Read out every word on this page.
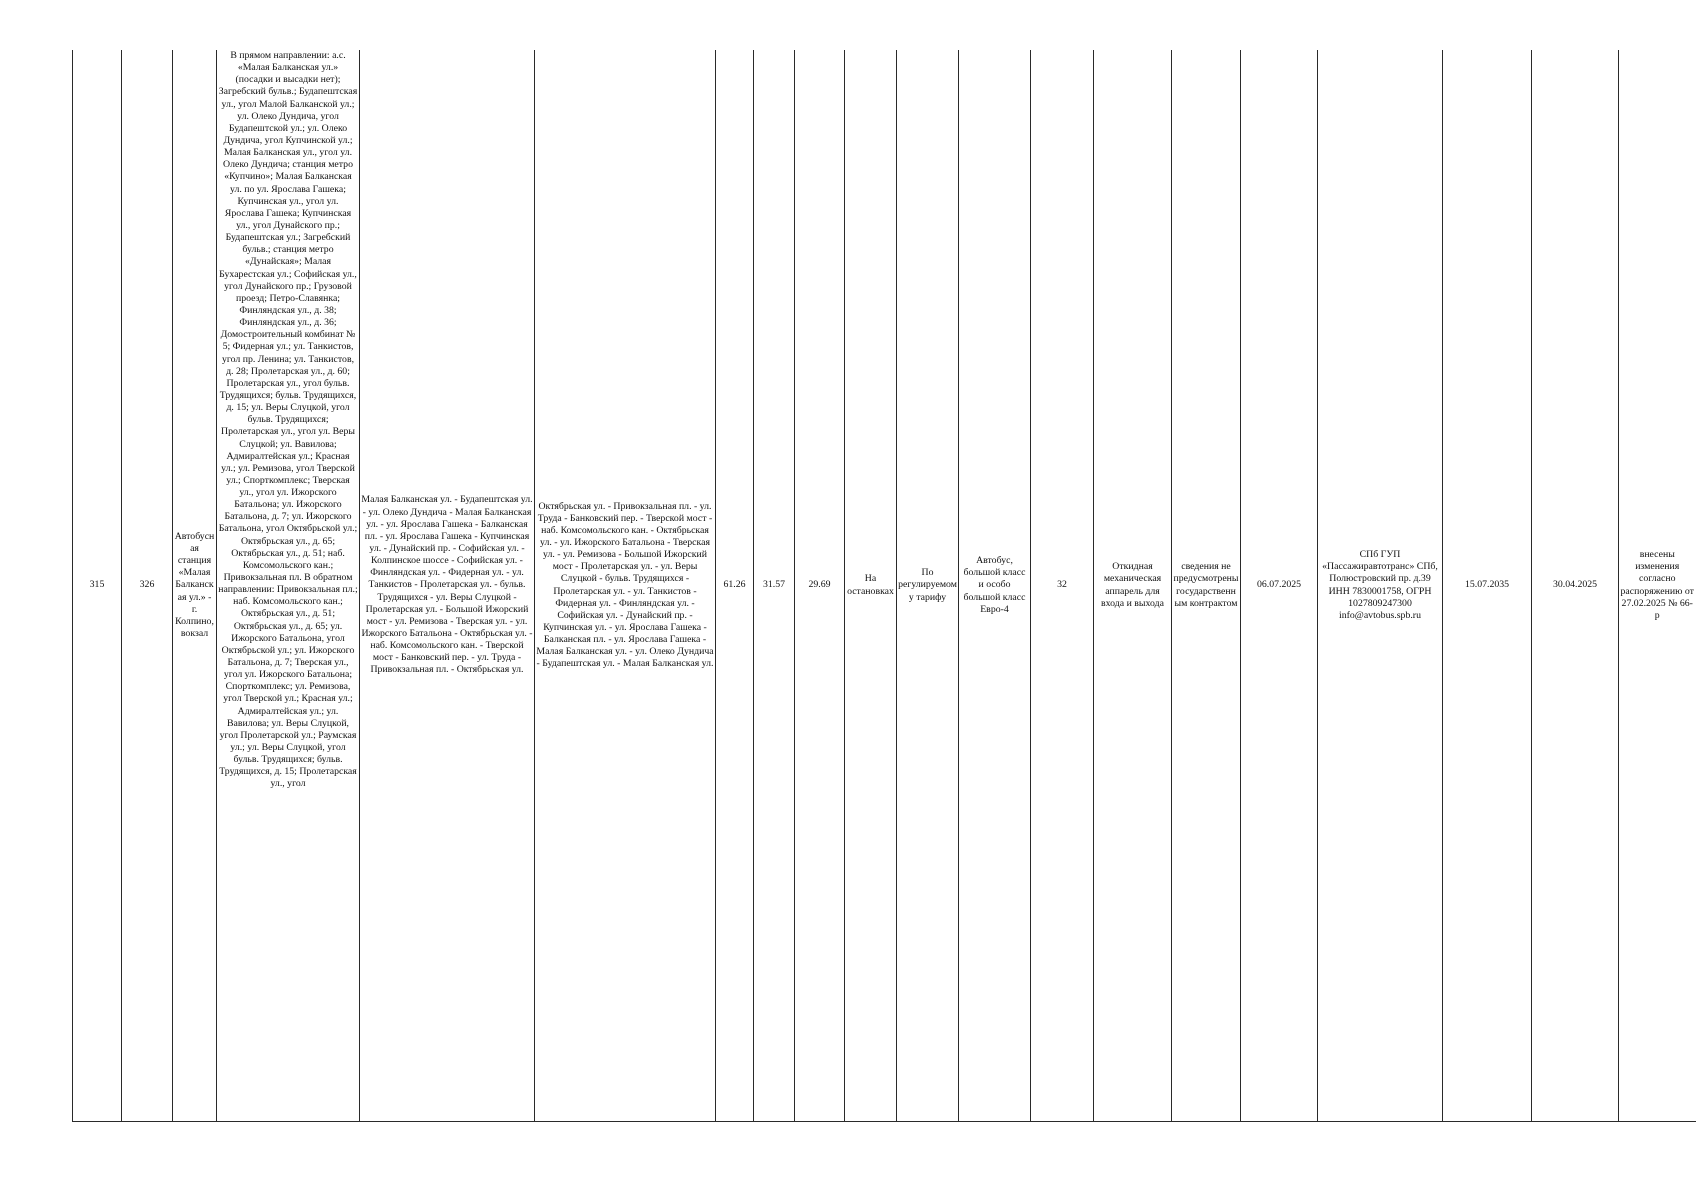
315	326	Автобусная станция «Малая Балканская ул.» - г. Колпино, вокзал	В прямом направлении: а.с. «Малая Балканская ул.» (посадки и высадки нет); Загребский бульв.; Будапештская ул., угол Малой Балканской ул.; ул. Олеко Дундича, угол Будапештской ул.; ул. Олеко Дундича, угол Купчинской ул.; Малая Балканская ул., угол ул. Олеко Дундича; станция метро «Купчино»; Малая Балканская ул. по ул. Ярослава Гашека; Купчинская ул., угол ул. Ярослава Гашека; Купчинская ул., угол Дунайского пр.; Будапештская ул.; Загребский бульв.; станция метро «Дунайская»; Малая Бухарестская ул.; Софийская ул., угол Дунайского пр.; Грузовой проезд; Петро-Славянка; Финляндская ул., д. 38; Финляндская ул., д. 36; Домостроительный комбинат № 5; Фидерная ул.; ул. Танкистов, угол пр. Ленина; ул. Танкистов, д. 28; Пролетарская ул., д. 60; Пролетарская ул., угол бульв. Трудящихся; бульв. Трудящихся, д. 15; ул. Веры Слуцкой, угол бульв. Трудящихся; Пролетарская ул., угол ул. Веры Слуцкой; ул. Вавилова; Адмиралтейская ул.; Красная ул.; ул. Ремизова, угол Тверской ул.; Спорткомплекс; Тверская ул., угол ул. Ижорского Батальона; ул. Ижорского Батальона, д. 7; ул. Ижорского Батальона, угол Октябрьской ул.; Октябрьская ул., д. 65; Октябрьская ул., д. 51; наб. Комсомольского кан.; Привокзальная пл. В обратном направлении: Привокзальная пл.; наб. Комсомольского кан.; Октябрьская ул., д. 51; Октябрьская ул., д. 65; ул. Ижорского Батальона, угол Октябрьской ул.; ул. Ижорского Батальона, д. 7; Тверская ул., угол ул. Ижорского Батальона; Спорткомплекс; ул. Ремизова, угол Тверской ул.; Красная ул.; Адмиралтейская ул.; ул. Вавилова; ул. Веры Слуцкой, угол Пролетарской ул.; Раумская ул.; ул. Веры Слуцкой, угол бульв. Трудящихся; бульв. Трудящихся, д. 15; Пролетарская ул., угол	Малая Балканская ул. - Будапештская ул. - ул. Олеко Дундича - Малая Балканская ул. - ул. Ярослава Гашека - Балканская пл. - ул. Ярослава Гашека - Купчинская ул. - Дунайский пр. - Софийская ул. - Колпинское шоссе - Софийская ул. - Финляндская ул. - Фидерная ул. - ул. Танкистов - Пролетарская ул. - бульв. Трудящихся - ул. Веры Слуцкой - Пролетарская ул. - Большой Ижорский мост - ул. Ремизова - Тверская ул. - ул. Ижорского Батальона - Октябрьская ул. - наб. Комсомольского кан. - Тверской мост - Банковский пер. - ул. Труда - Привокзальная пл. - Октябрьская ул.	Октябрьская ул. - Привокзальная пл. - ул. Труда - Банковский пер. - Тверской мост - наб. Комсомольского кан. - Октябрьская ул. - ул. Ижорского Батальона - Тверская ул. - ул. Ремизова - Большой Ижорский мост - Пролетарская ул. - ул. Веры Слуцкой - бульв. Трудящихся - Пролетарская ул. - ул. Танкистов - Фидерная ул. - Финляндская ул. - Софийская ул. - Дунайский пр. - Купчинская ул. - ул. Ярослава Гашека - Балканская пл. - ул. Ярослава Гашека - Малая Балканская ул. - ул. Олеко Дундича - Будапештская ул. - Малая Балканская ул.	61.26	31.57	29.69	На остановках	По регулируемому тарифу	Автобус, большой класс и особо большой класс Евро-4	32	Откидная механическая аппарель для входа и выхода	сведения не предусмотрены государственным контрактом	06.07.2025	СПб ГУП «Пассажиравтотранс» СПб, Полюстровский пр. д.39 ИНН 7830001758, ОГРН 1027809247300 info@avtobus.spb.ru	15.07.2035	30.04.2025	внесены изменения согласно распоряжению от 27.02.2025 № 66-р
